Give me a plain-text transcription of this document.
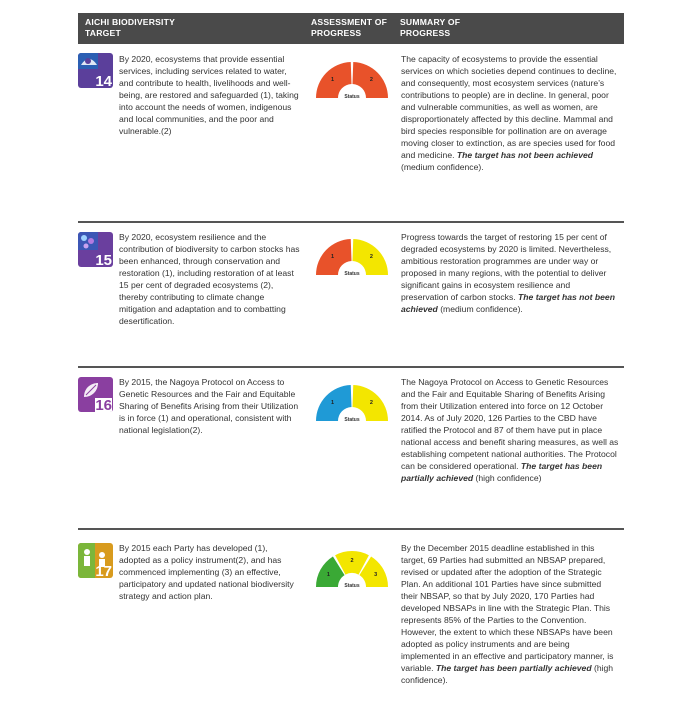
AICHI BIODIVERSITY TARGET
ASSESSMENT OF PROGRESS
SUMMARY OF PROGRESS
14
By 2020, ecosystems that provide essential services, including services related to water, and contribute to health, livelihoods and well-being, are restored and safeguarded (1), taking into account the needs of women, indigenous and local communities, and the poor and vulnerable.(2)
1	2
Status
The capacity of ecosystems to provide the essential services on which societies depend continues to decline, and consequently, most ecosystem services (nature’s contributions to people) are in decline. In general, poor and vulnerable communities, as well as women, are disproportionately affected by this decline. Mammal and bird species responsible for pollination are on average moving closer to extinction, as are species used for food and medicine. The target has not been achieved (medium confidence).
15
By 2020, ecosystem resilience and the contribution of biodiversity to carbon stocks has been enhanced, through conservation and restoration (1), including restoration of at least 15 per cent of degraded ecosystems (2), thereby contributing to climate change mitigation and adaptation and to combatting desertification.
1	2
Status
Progress towards the target of restoring 15 per cent of degraded ecosystems by 2020 is limited. Nevertheless, ambitious restoration programmes are under way or proposed in many regions, with the potential to deliver significant gains in ecosystem resilience and preservation of carbon stocks. The target has not been achieved (medium confidence).
16
By 2015, the Nagoya Protocol on Access to Genetic Resources and the Fair and Equitable Sharing of Benefits Arising from their Utilization is in force (1) and operational, consistent with national legislation(2).
1	2
Status
The Nagoya Protocol on Access to Genetic Resources and the Fair and Equitable Sharing of Benefits Arising from their Utilization entered into force on 12 October 2014. As of July 2020, 126 Parties to the CBD have ratified the Protocol and 87 of them have put in place national access and benefit sharing measures, as well as establishing competent national authorities. The Protocol can be considered operational. The target has been partially achieved (high confidence)
17
By 2015 each Party has developed (1), adopted as a policy instrument(2), and has commenced implementing (3) an effective, participatory and updated national biodiversity strategy and action plan.
1
2
3
Status
By the December 2015 deadline established in this target, 69 Parties had submitted an NBSAP prepared, revised or updated after the adoption of the Strategic Plan. An additional 101 Parties have since submitted their NBSAP, so that by July 2020, 170 Parties had developed NBSAPs in line with the Strategic Plan. This represents 85% of the Parties to the Convention. However, the extent to which these NBSAPs have been adopted as policy instruments and are being implemented in an effective and participatory manner, is variable. The target has been partially achieved (high confidence).
